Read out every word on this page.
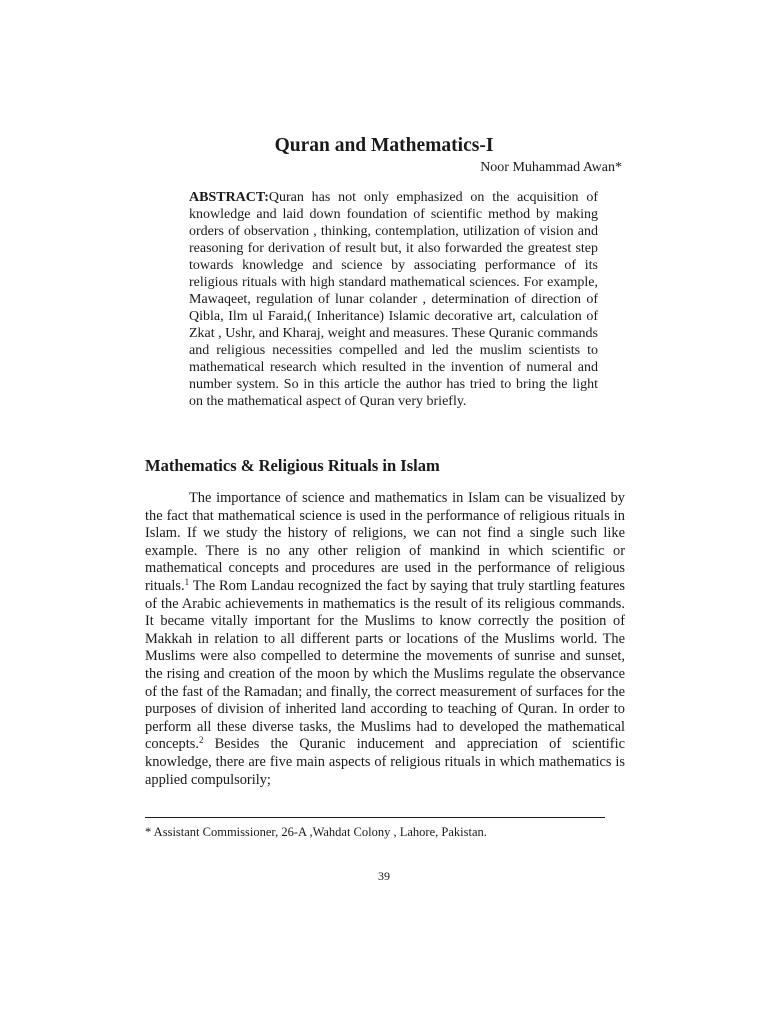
Quran and Mathematics-I
Noor Muhammad Awan*

ABSTRACT:Quran has not only emphasized on the acquisition of knowledge and laid down foundation of scientific method by making orders of observation , thinking, contemplation, utilization of vision and reasoning for derivation of result but, it also forwarded the greatest step towards knowledge and science by associating performance of its religious rituals with high standard mathematical sciences. For example, Mawaqeet, regulation of lunar colander , determination of direction of Qibla, Ilm ul Faraid,( Inheritance) Islamic decorative art, calculation of Zkat , Ushr, and Kharaj, weight and measures. These Quranic commands and religious necessities compelled and led the muslim scientists to mathematical research which resulted in the invention of numeral and number system. So in this article the author has tried to bring the light on the mathematical aspect of Quran very briefly.

Mathematics & Religious Rituals in Islam

The importance of science and mathematics in Islam can be visualized by the fact that mathematical science is used in the performance of religious rituals in Islam. If we study the history of religions, we can not find a single such like example. There is no any other religion of mankind in which scientific or mathematical concepts and procedures are used in the performance of religious rituals.$^1$ The Rom Landau recognized the fact by saying that truly startling features of the Arabic achievements in mathematics is the result of its religious commands. It became vitally important for the Muslims to know correctly the position of Makkah in relation to all different parts or locations of the Muslims world. The Muslims were also compelled to determine the movements of sunrise and sunset, the rising and creation of the moon by which the Muslims regulate the observance of the fast of the Ramadan; and finally, the correct measurement of surfaces for the purposes of division of inherited land according to teaching of Quran. In order to perform all these diverse tasks, the Muslims had to developed the mathematical concepts.$^2$ Besides the Quranic inducement and appreciation of scientific knowledge, there are five main aspects of religious rituals in which mathematics is applied compulsorily;

* Assistant Commissioner, 26-A ,Wahdat Colony , Lahore, Pakistan.
39
